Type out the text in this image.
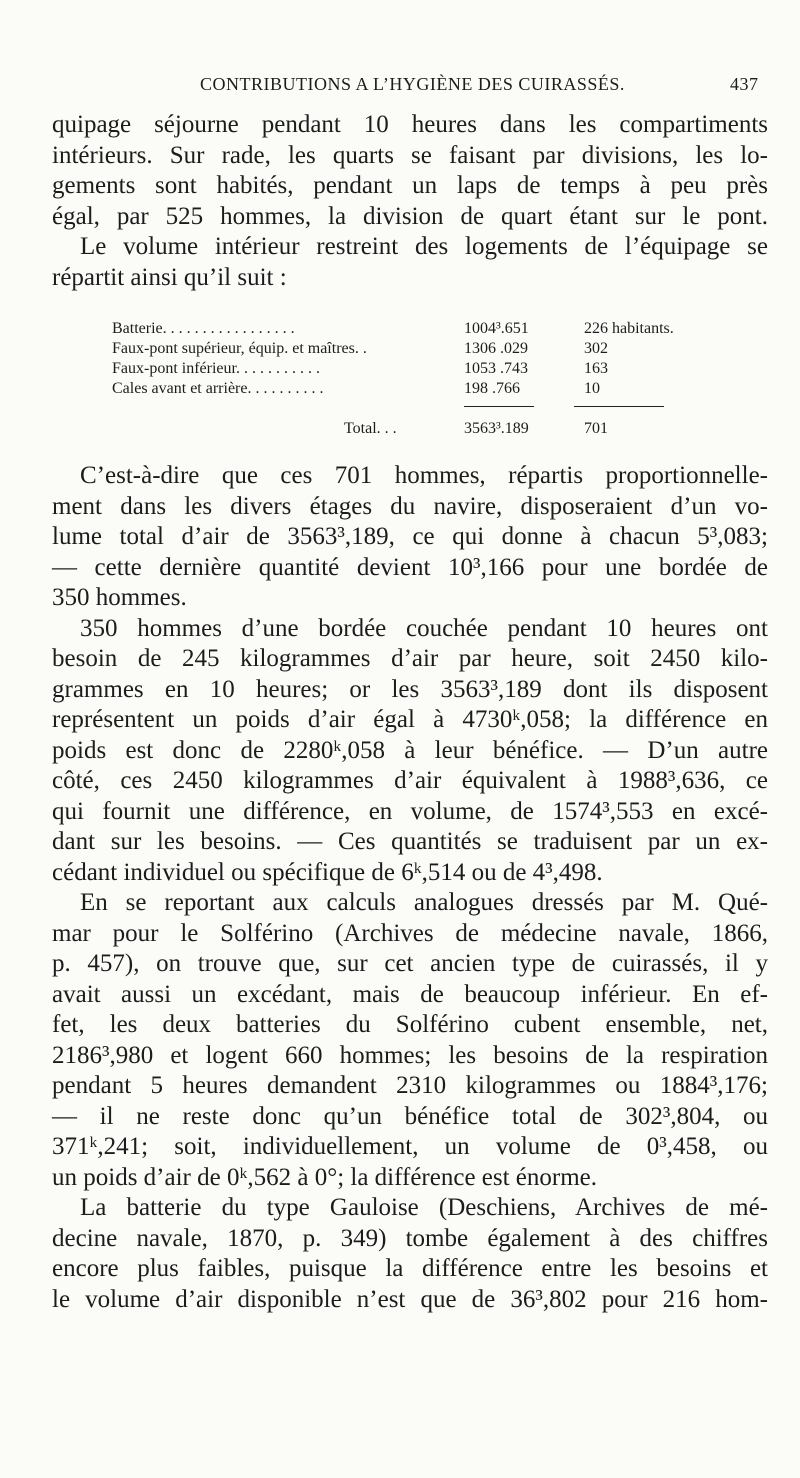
CONTRIBUTIONS A L’HYGIÈNE DES CUIRASSÉS.	437
quipage séjourne pendant 10 heures dans les compartiments
intérieurs. Sur rade, les quarts se faisant par divisions, les lo-
gements sont habités, pendant un laps de temps à peu près
égal, par 525 hommes, la division de quart étant sur le pont.
Le volume intérieur restreint des logements de l’équipage se
répartit ainsi qu’il suit :
Batterie. . . . . . . . . . . . . . . . .	1004³.651	226 habitants.
Faux-pont supérieur, équip. et maîtres. .	1306 .029	302
Faux-pont inférieur. . . . . . . . . . .	1053 .743	163
Cales avant et arrière. . . . . . . . . .	198 .766	10
Total. . .	3563³.189	701
C’est-à-dire que ces 701 hommes, répartis proportionnelle-
ment dans les divers étages du navire, disposeraient d’un vo-
lume total d’air de 3563³,189, ce qui donne à chacun 5³,083;
— cette dernière quantité devient 10³,166 pour une bordée de
350 hommes.
350 hommes d’une bordée couchée pendant 10 heures ont
besoin de 245 kilogrammes d’air par heure, soit 2450 kilo-
grammes en 10 heures; or les 3563³,189 dont ils disposent
représentent un poids d’air égal à 4730ᵏ,058; la différence en
poids est donc de 2280ᵏ,058 à leur bénéfice. — D’un autre
côté, ces 2450 kilogrammes d’air équivalent à 1988³,636, ce
qui fournit une différence, en volume, de 1574³,553 en excé-
dant sur les besoins. — Ces quantités se traduisent par un ex-
cédant individuel ou spécifique de 6ᵏ,514 ou de 4³,498.
En se reportant aux calculs analogues dressés par M. Qué-
mar pour le Solférino (Archives de médecine navale, 1866,
p. 457), on trouve que, sur cet ancien type de cuirassés, il y
avait aussi un excédant, mais de beaucoup inférieur. En ef-
fet, les deux batteries du Solférino cubent ensemble, net,
2186³,980 et logent 660 hommes; les besoins de la respiration
pendant 5 heures demandent 2310 kilogrammes ou 1884³,176;
— il ne reste donc qu’un bénéfice total de 302³,804, ou
371ᵏ,241; soit, individuellement, un volume de 0³,458, ou
un poids d’air de 0ᵏ,562 à 0°; la différence est énorme.
La batterie du type Gauloise (Deschiens, Archives de mé-
decine navale, 1870, p. 349) tombe également à des chiffres
encore plus faibles, puisque la différence entre les besoins et
le volume d’air disponible n’est que de 36³,802 pour 216 hom-
